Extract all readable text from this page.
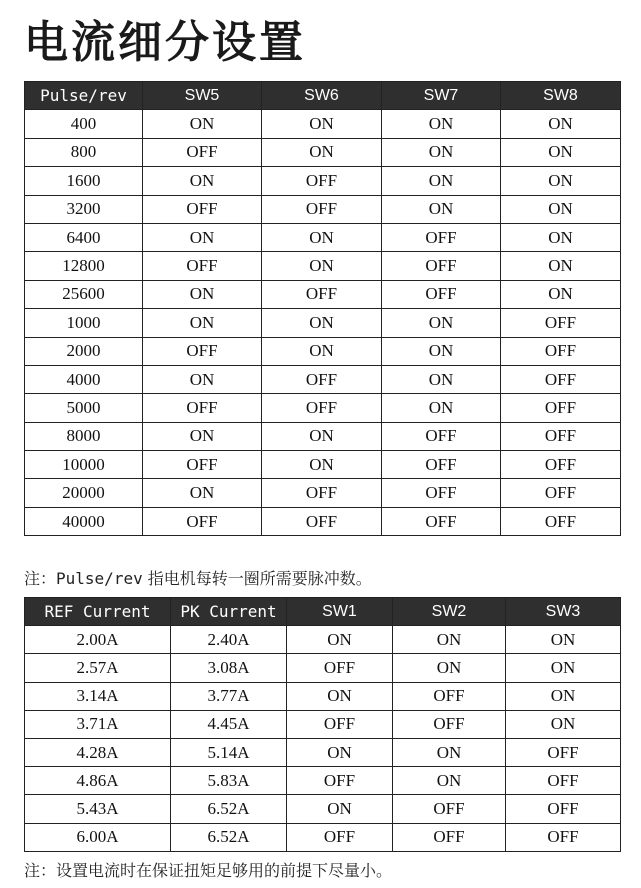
电流细分设置
Pulse/rev	SW5	SW6	SW7	SW8
400	ON	ON	ON	ON
800	OFF	ON	ON	ON
1600	ON	OFF	ON	ON
3200	OFF	OFF	ON	ON
6400	ON	ON	OFF	ON
12800	OFF	ON	OFF	ON
25600	ON	OFF	OFF	ON
1000	ON	ON	ON	OFF
2000	OFF	ON	ON	OFF
4000	ON	OFF	ON	OFF
5000	OFF	OFF	ON	OFF
8000	ON	ON	OFF	OFF
10000	OFF	ON	OFF	OFF
20000	ON	OFF	OFF	OFF
40000	OFF	OFF	OFF	OFF
注：Pulse/rev 指电机每转一圈所需要脉冲数。
REF Current	PK Current	SW1	SW2	SW3
2.00A	2.40A	ON	ON	ON
2.57A	3.08A	OFF	ON	ON
3.14A	3.77A	ON	OFF	ON
3.71A	4.45A	OFF	OFF	ON
4.28A	5.14A	ON	ON	OFF
4.86A	5.83A	OFF	ON	OFF
5.43A	6.52A	ON	OFF	OFF
6.00A	6.52A	OFF	OFF	OFF
注：设置电流时在保证扭矩足够用的前提下尽量小。
